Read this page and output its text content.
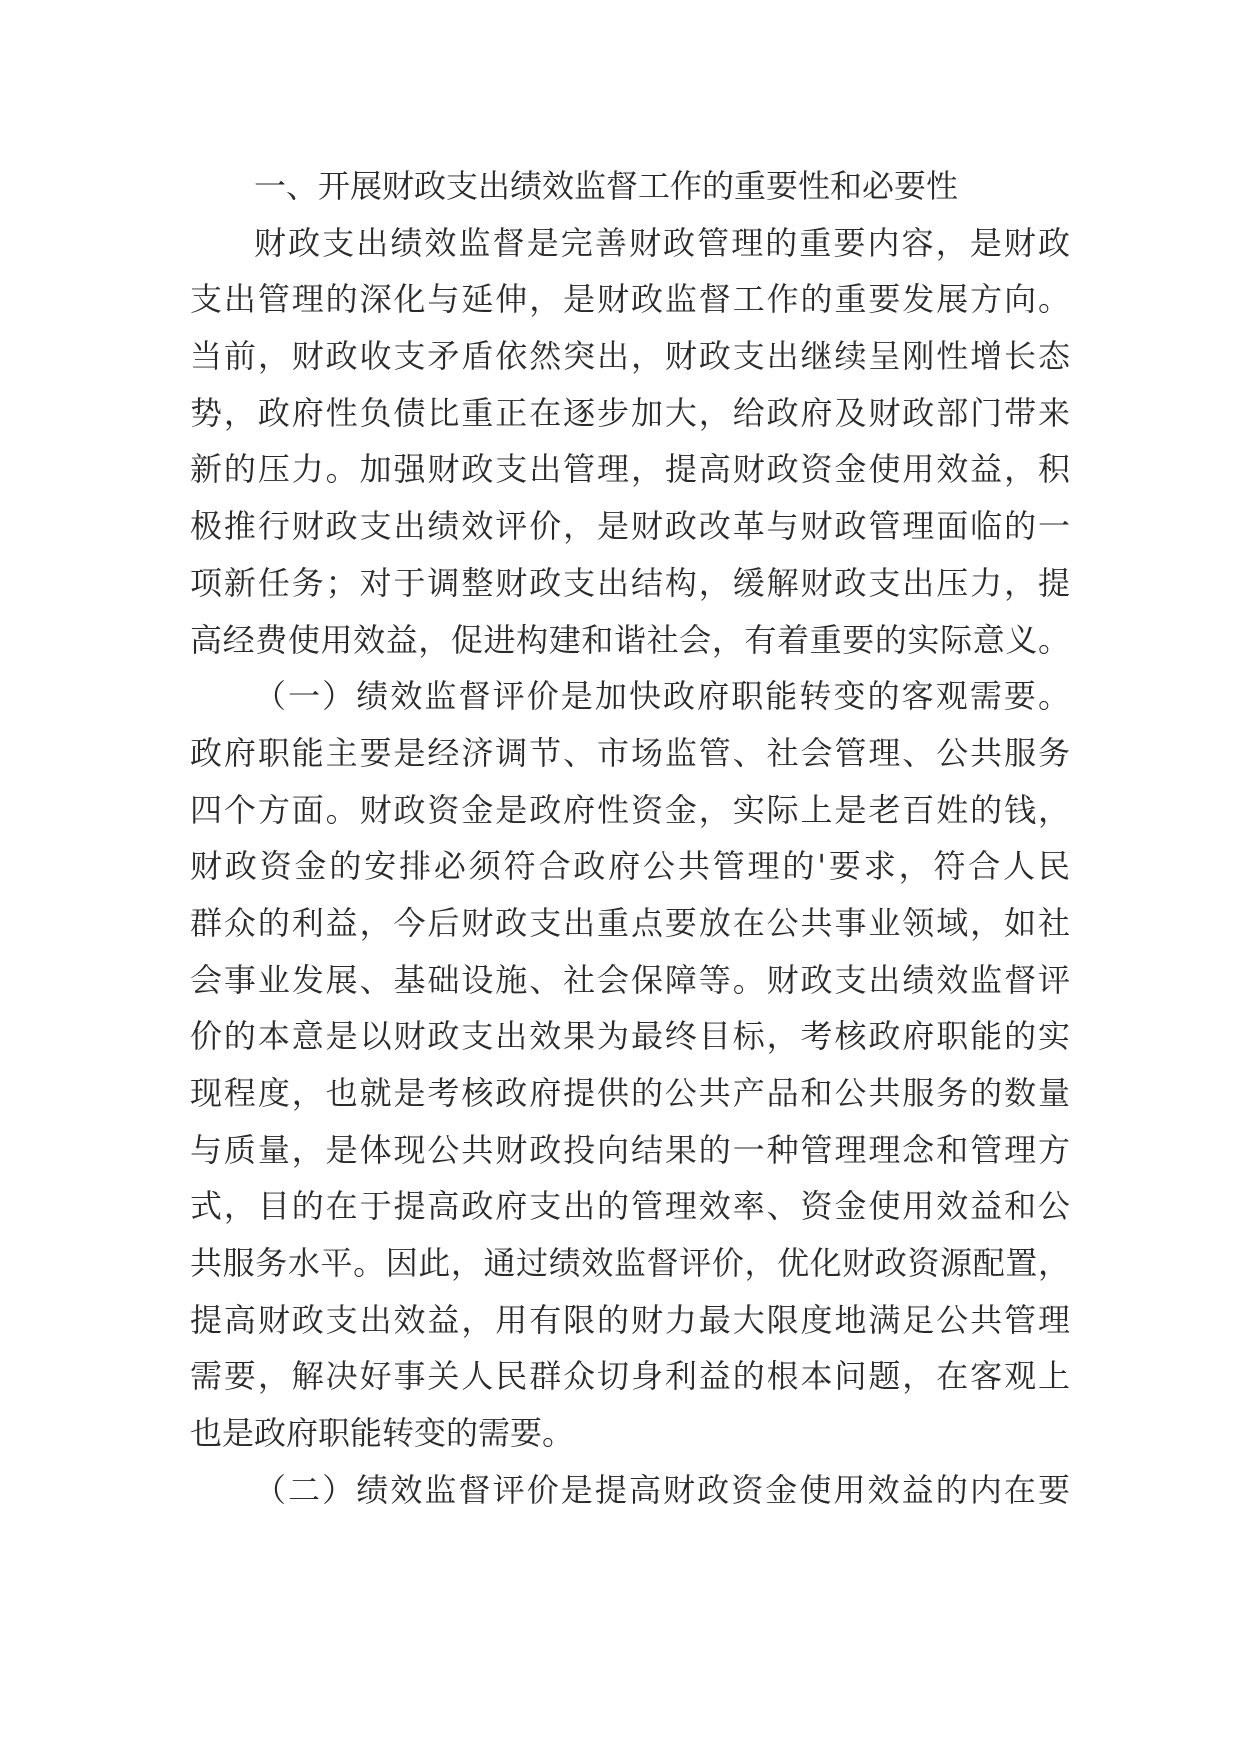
一、开展财政支出绩效监督工作的重要性和必要性
财政支出绩效监督是完善财政管理的重要内容，是财政
支出管理的深化与延伸，是财政监督工作的重要发展方向。
当前，财政收支矛盾依然突出，财政支出继续呈刚性增长态
势，政府性负债比重正在逐步加大，给政府及财政部门带来
新的压力。加强财政支出管理，提高财政资金使用效益，积
极推行财政支出绩效评价，是财政改革与财政管理面临的一
项新任务；对于调整财政支出结构，缓解财政支出压力，提
高经费使用效益，促进构建和谐社会，有着重要的实际意义。
（一）绩效监督评价是加快政府职能转变的客观需要。
政府职能主要是经济调节、市场监管、社会管理、公共服务
四个方面。财政资金是政府性资金，实际上是老百姓的钱，
财政资金的安排必须符合政府公共管理的'要求，符合人民
群众的利益，今后财政支出重点要放在公共事业领域，如社
会事业发展、基础设施、社会保障等。财政支出绩效监督评
价的本意是以财政支出效果为最终目标，考核政府职能的实
现程度，也就是考核政府提供的公共产品和公共服务的数量
与质量，是体现公共财政投向结果的一种管理理念和管理方
式，目的在于提高政府支出的管理效率、资金使用效益和公
共服务水平。因此，通过绩效监督评价，优化财政资源配置，
提高财政支出效益，用有限的财力最大限度地满足公共管理
需要，解决好事关人民群众切身利益的根本问题，在客观上
也是政府职能转变的需要。
（二）绩效监督评价是提高财政资金使用效益的内在要
